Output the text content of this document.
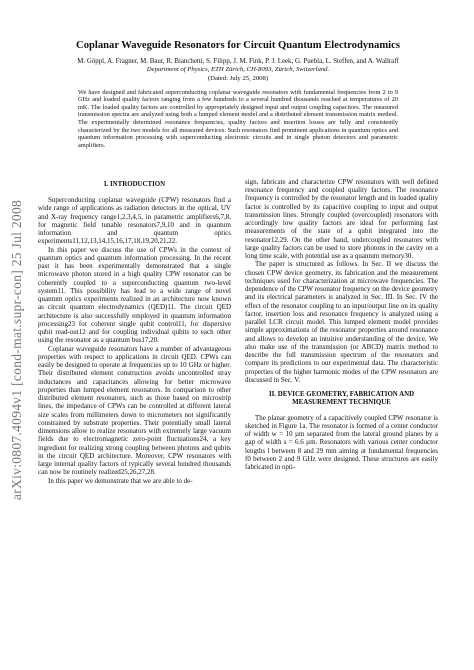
arXiv:0807.4094v1 [cond-mat.supr-con] 25 Jul 2008
Coplanar Waveguide Resonators for Circuit Quantum Electrodynamics

M. Göppl, A. Fragner, M. Baur, R. Bianchetti, S. Filipp, J. M. Fink, P. J. Leek, G. Puebla, L. Steffen, and A. Wallraff

Department of Physics, ETH Zürich, CH-8093, Zürich, Switzerland.

(Dated: July 25, 2008)

We have designed and fabricated superconducting coplanar waveguide resonators with fundamental frequencies from 2 to 9 GHz and loaded quality factors ranging from a few hundreds to a several hundred thousands reached at temperatures of 20 mK. The loaded quality factors are controlled by appropriately designed input and output coupling capacitors. The measured transmission spectra are analyzed using both a lumped element model and a distributed element transmission matrix method. The experimentally determined resonance frequencies, quality factors and insertion losses are fully and consistently characterized by the two models for all measured devices. Such resonators find prominent applications in quantum optics and quantum information processing with superconducting electronic circuits and in single photon detectors and parametric amplifiers.

I. INTRODUCTION

Superconducting coplanar waveguide (CPW) resonators find a wide range of applications as radiation detectors in the optical, UV and X-ray frequency range1,2,3,4,5, in parametric amplifiers6,7,8, for magnetic field tunable resonators7,9,10 and in quantum information and quantum optics experiments11,12,13,14,15,16,17,18,19,20,21,22.

In this paper we discuss the use of CPWs in the context of quantum optics and quantum information processing. In the recent past it has been experimentally demonstrated that a single microwave photon stored in a high quality CPW resonator can be coherently coupled to a superconducting quantum two-level system11. This possibility has lead to a wide range of novel quantum optics experiments realized in an architecture now known as circuit quantum electrodynamics (QED)11. The circuit QED architecture is also successfully employed in quantum information processing23 for coherent single qubit control11, for dispersive qubit read-out12 and for coupling individual qubits to each other using the resonator as a quantum bus17,20.

Coplanar waveguide resonators have a number of advantageous properties with respect to applications in circuit QED. CPWs can easily be designed to operate at frequencies up to 10 GHz or higher. Their distributed element construction avoids uncontrolled stray inductances and capacitances allowing for better microwave properties than lumped element resonators. In comparison to other distributed element resonators, such as those based on microstrip lines, the impedance of CPWs can be controlled at different lateral size scales from millimeters down to micrometers not significantly constrained by substrate properties. Their potentially small lateral dimensions allow to realize resonators with extremely large vacuum fields due to electromagnetic zero-point fluctuations24, a key ingredient for realizing strong coupling between photons and qubits in the circuit QED architecture. Moreover, CPW resonators with large internal quality factors of typically several hundred thousands can now be routinely realized25,26,27,28.

In this paper we demonstrate that we are able to de-

sign, fabricate and characterize CPW resonators with well defined resonance frequency and coupled quality factors. The resonance frequency is controlled by the resonator length and its loaded quality factor is controlled by its capacitive coupling to input and output transmission lines. Strongly coupled (overcoupled) resonators with accordingly low quality factors are ideal for performing fast measurements of the state of a qubit integrated into the resonator12,29. On the other hand, undercoupled resonators with large quality factors can be used to store photons in the cavity on a long time scale, with potential use as a quantum memory30.

The paper is structured as follows. In Sec. II we discuss the chosen CPW device geometry, its fabrication and the measurement techniques used for characterization at microwave frequencies. The dependence of the CPW resonator frequency on the device geometry and its electrical parameters is analyzed in Sec. III. In Sec. IV the effect of the resonator coupling to an input/output line on its quality factor, insertion loss and resonance frequency is analyzed using a parallel LCR circuit model. This lumped element model provides simple approximations of the resonator properties around resonance and allows to develop an intuitive understanding of the device. We also make use of the transmission (or ABCD) matrix method to describe the full transmission spectrum of the resonators and compare its predictions to our experimental data. The characteristic properties of the higher harmonic modes of the CPW resonators are discussed in Sec. V.

II. DEVICE GEOMETRY, FABRICATION AND MEASUREMENT TECHNIQUE

The planar geometry of a capacitively coupled CPW resonator is sketched in Figure 1a. The resonator is formed of a center conductor of width w = 10 µm separated from the lateral ground planes by a gap of width s = 6.6 µm. Resonators with various center conductor lengths l between 8 and 29 mm aiming at fundamental frequencies f0 between 2 and 9 GHz were designed. These structures are easily fabricated in opti-
